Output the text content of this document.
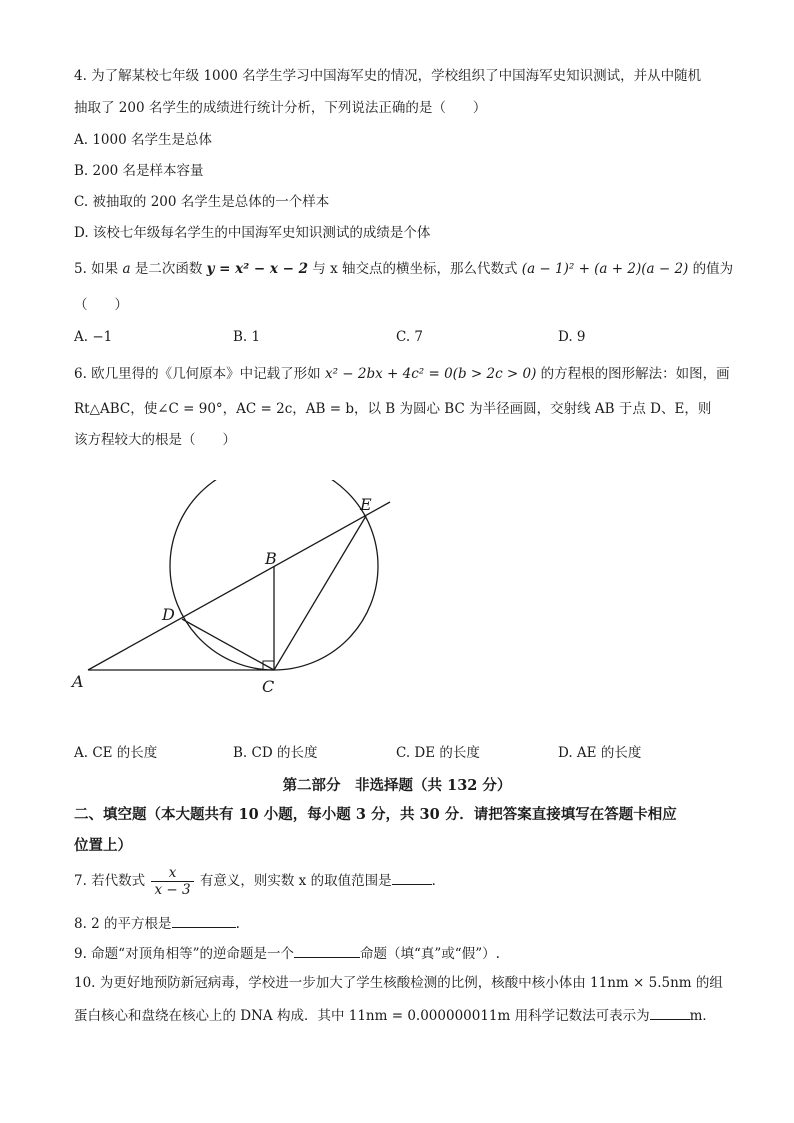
4. 为了解某校七年级 1000 名学生学习中国海军史的情况，学校组织了中国海军史知识测试，并从中随机
抽取了 200 名学生的成绩进行统计分析，下列说法正确的是（　　）
A. 1000 名学生是总体
B. 200 名是样本容量
C. 被抽取的 200 名学生是总体的一个样本
D. 该校七年级每名学生的中国海军史知识测试的成绩是个体
5. 如果 a 是二次函数 y = x² − x − 2 与 x 轴交点的横坐标，那么代数式 (a − 1)² + (a + 2)(a − 2) 的值为
（　　）
A. −1	B. 1	C. 7	D. 9
6. 欧几里得的《几何原本》中记载了形如 x² − 2bx + 4c² = 0(b > 2c > 0) 的方程根的图形解法：如图，画
Rt△ABC，使∠C = 90°，AC = 2c，AB = b，以 B 为圆心 BC 为半径画圆，交射线 AB 于点 D、E，则
该方程较大的根是（　　）
A
B
C
D
E
A. CE 的长度	B. CD 的长度	C. DE 的长度	D. AE 的长度
第二部分　非选择题（共 132 分）
二、填空题（本大题共有 10 小题，每小题 3 分，共 30 分．请把答案直接填写在答题卡相应
位置上）
7. 若代数式 $\frac{x}{x - 3}$ 有意义，则实数 x 的取值范围是	．
8. 2 的平方根是	.
9. 命题“对顶角相等”的逆命题是一个	命题（填“真”或“假”）.
10. 为更好地预防新冠病毒，学校进一步加大了学生核酸检测的比例，核酸中核小体由 11nm × 5.5nm 的组
蛋白核心和盘绕在核心上的 DNA 构成．其中 11nm = 0.000000011m 用科学记数法可表示为	m．
